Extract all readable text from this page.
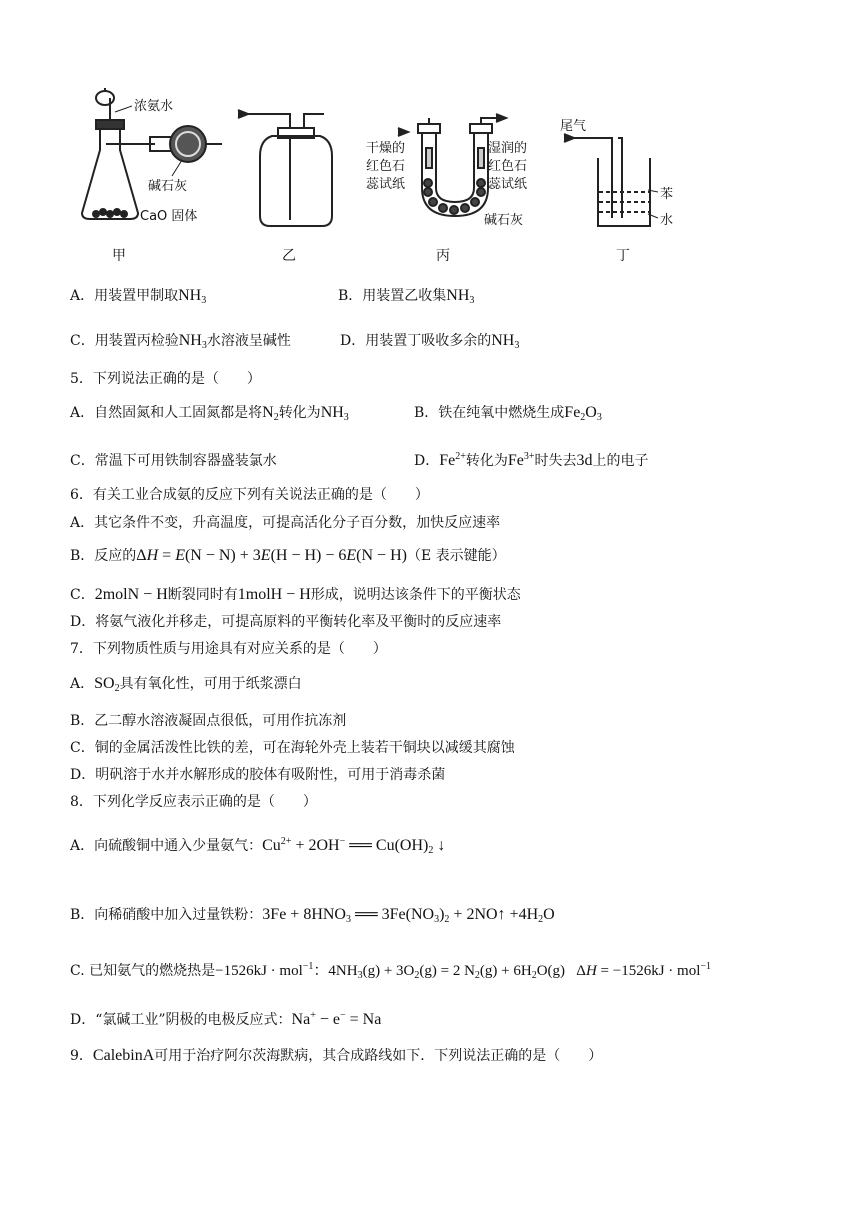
浓氨水
碱石灰
CaO 固体
甲	乙
干燥的
红色石
蕊试纸
湿润的
红色石
蕊试纸
碱石灰
丙
尾气
苯
水
丁
A．用装置甲制取$NH_3$	B．用装置乙收集$NH_3$
C．用装置丙检验$NH_3$水溶液呈碱性	D．用装置丁吸收多余的$NH_3$
5．下列说法正确的是（　　）
A．自然固氮和人工固氮都是将$N_2$转化为$NH_3$	B．铁在纯氧中燃烧生成$Fe_2O_3$
C．常温下可用铁制容器盛装氯水	D．$Fe^{2+}$转化为$Fe^{3+}$时失去3d上的电子
6．有关工业合成氨的反应下列有关说法正确的是（　　）
A．其它条件不变，升高温度，可提高活化分子百分数，加快反应速率
B．反应的ΔH = E(N − N) + 3E(H − H) − 6E(N − H)（E 表示键能）
C．2molN − H断裂同时有1molH − H形成，说明达该条件下的平衡状态
D．将氨气液化并移走，可提高原料的平衡转化率及平衡时的反应速率
7．下列物质性质与用途具有对应关系的是（　　）
A．$SO_2$具有氧化性，可用于纸浆漂白
B．乙二醇水溶液凝固点很低，可用作抗冻剂
C．铜的金属活泼性比铁的差，可在海轮外壳上装若干铜块以减缓其腐蚀
D．明矾溶于水并水解形成的胶体有吸附性，可用于消毒杀菌
8．下列化学反应表示正确的是（　　）
A．向硫酸铜中通入少量氨气：$Cu^{2+} + 2OH^-$ ══ $Cu(OH)_2$ ↓
B．向稀硝酸中加入过量铁粉：$3Fe + 8HNO_3$ ══ $3Fe(NO_3)_2$ + 2NO↑ $+4H_2O$
C. 已知氨气的燃烧热是−1526kJ · mol$^{-1}$：$4NH_3(g) + 3O_2(g) = 2$ $N_2(g) + 6H_2O(g) \Delta H = -1526kJ \cdot mol^{-1}$
D．“氯碱工业”阴极的电极反应式：Na+ − e− = Na
9．CalebinA可用于治疗阿尔茨海默病，其合成路线如下．下列说法正确的是（　　）
